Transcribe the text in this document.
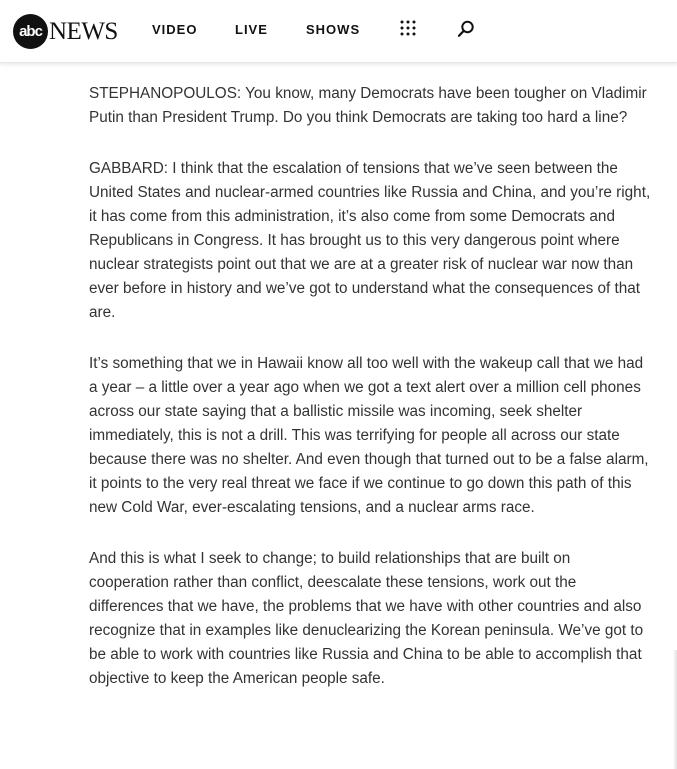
abc NEWS	VIDEO	LIVE	SHOWS

STEPHANOPOULOS: You know, many Democrats have been tougher on Vladimir Putin than President Trump. Do you think Democrats are taking too hard a line?

GABBARD: I think that the escalation of tensions that we’ve seen between the United States and nuclear-armed countries like Russia and China, and you’re right, it has come from this administration, it’s also come from some Democrats and Republicans in Congress. It has brought us to this very dangerous point where nuclear strategists point out that we are at a greater risk of nuclear war now than ever before in history and we’ve got to understand what the consequences of that are.

It’s something that we in Hawaii know all too well with the wakeup call that we had a year – a little over a year ago when we got a text alert over a million cell phones across our state saying that a ballistic missile was incoming, seek shelter immediately, this is not a drill. This was terrifying for people all across our state because there was no shelter. And even though that turned out to be a false alarm, it points to the very real threat we face if we continue to go down this path of this new Cold War, ever-escalating tensions, and a nuclear arms race.

And this is what I seek to change; to build relationships that are built on cooperation rather than conflict, deescalate these tensions, work out the differences that we have, the problems that we have with other countries and also recognize that in examples like denuclearizing the Korean peninsula. We’ve got to be able to work with countries like Russia and China to be able to accomplish that objective to keep the American people safe.
